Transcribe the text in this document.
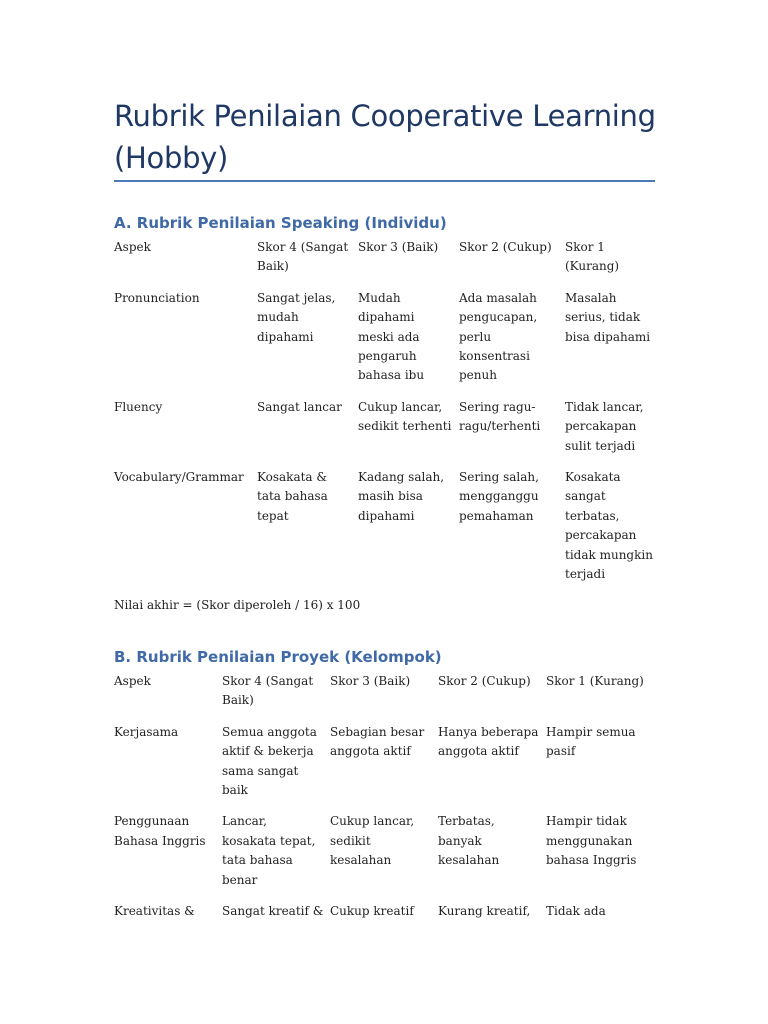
Rubrik Penilaian Cooperative Learning (Hobby)
A. Rubrik Penilaian Speaking (Individu)
Aspek	Skor 4 (Sangat Baik)	Skor 3 (Baik)	Skor 2 (Cukup)	Skor 1 (Kurang)
Pronunciation	Sangat jelas, mudah dipahami	Mudah dipahami meski ada pengaruh bahasa ibu	Ada masalah pengucapan, perlu konsentrasi penuh	Masalah serius, tidak bisa dipahami
Fluency	Sangat lancar	Cukup lancar, sedikit terhenti	Sering ragu-ragu/terhenti	Tidak lancar, percakapan sulit terjadi
Vocabulary/Grammar	Kosakata & tata bahasa tepat	Kadang salah, masih bisa dipahami	Sering salah, mengganggu pemahaman	Kosakata sangat terbatas, percakapan tidak mungkin terjadi

Nilai akhir = (Skor diperoleh / 16) x 100

B. Rubrik Penilaian Proyek (Kelompok)
Aspek	Skor 4 (Sangat Baik)	Skor 3 (Baik)	Skor 2 (Cukup)	Skor 1 (Kurang)
Kerjasama	Semua anggota aktif & bekerja sama sangat baik	Sebagian besar anggota aktif	Hanya beberapa anggota aktif	Hampir semua pasif
Penggunaan Bahasa Inggris	Lancar, kosakata tepat, tata bahasa benar	Cukup lancar, sedikit kesalahan	Terbatas, banyak kesalahan	Hampir tidak menggunakan bahasa Inggris
Kreativitas &	Sangat kreatif &	Cukup kreatif	Kurang kreatif,	Tidak ada
